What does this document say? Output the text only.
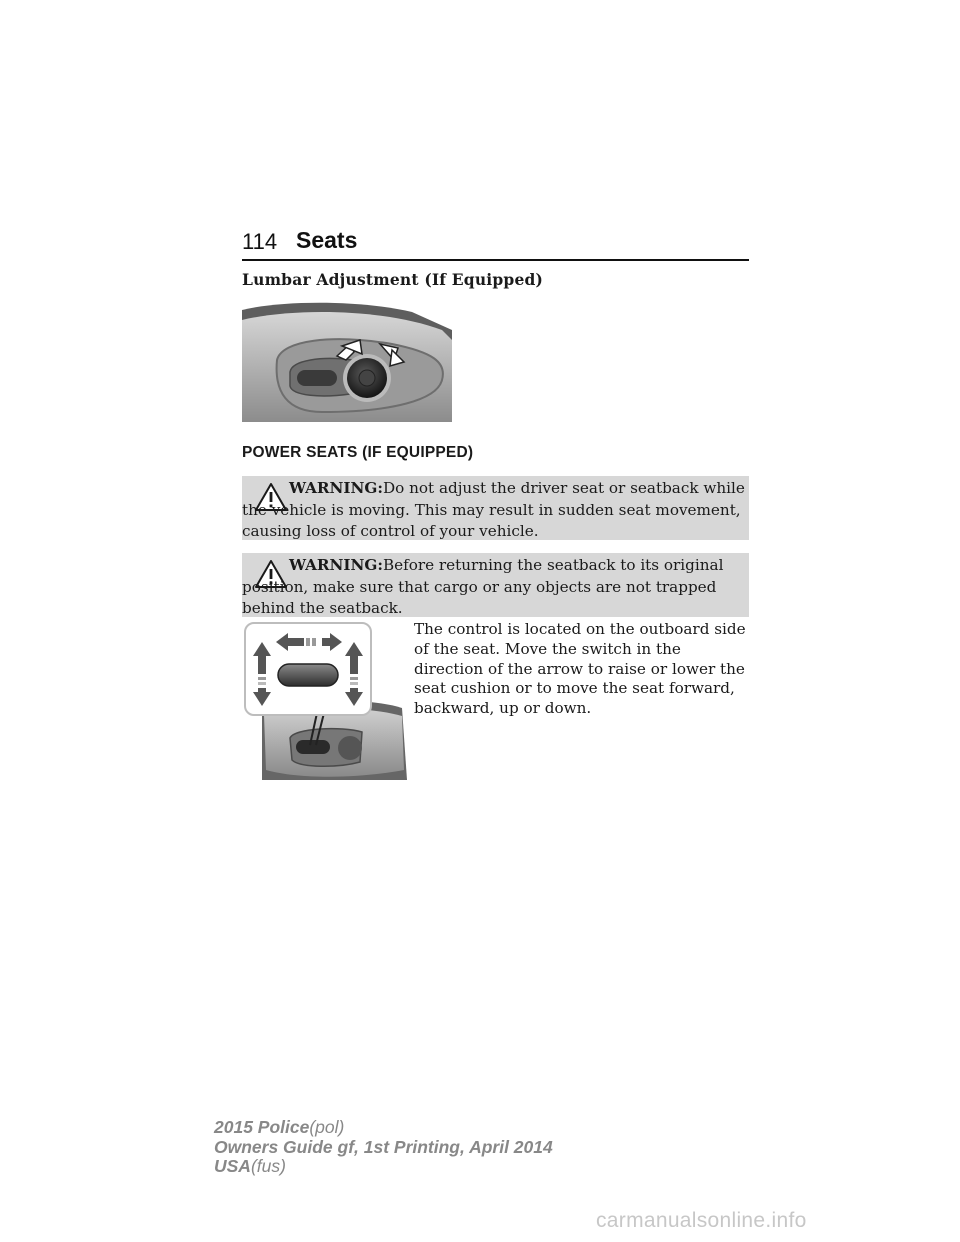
114 Seats
Lumbar Adjustment (If Equipped)
POWER SEATS (IF EQUIPPED)
WARNING:Do not adjust the driver seat or seatback while the vehicle is moving. This may result in sudden seat movement, causing loss of control of your vehicle.
WARNING:Before returning the seatback to its original position, make sure that cargo or any objects are not trapped behind the seatback.
The control is located on the outboard side of the seat. Move the switch in the direction of the arrow to raise or lower the seat cushion or to move the seat forward, backward, up or down.
2015 Police(pol)
Owners Guide gf, 1st Printing, April 2014
USA(fus)
carmanualsonline.info
